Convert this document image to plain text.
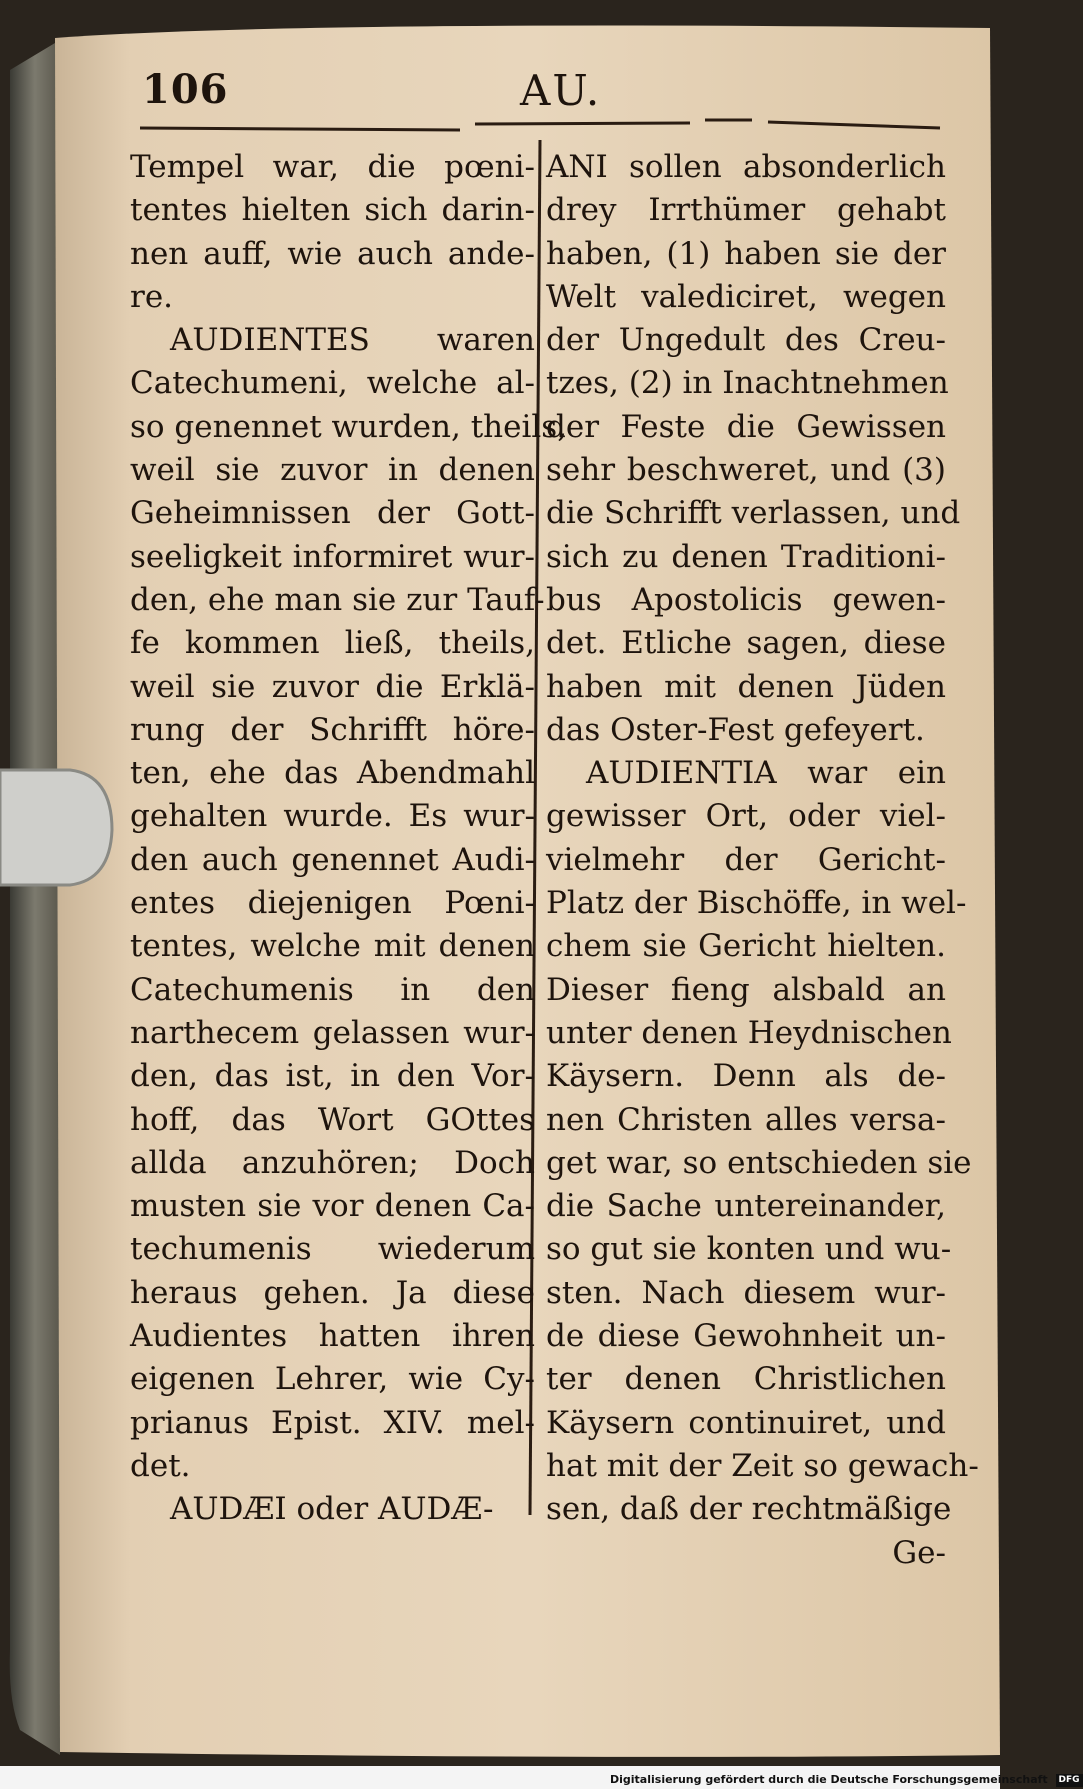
106	AU.
Tempel war, die pœni-
tentes hielten sich darin-
nen auff, wie auch ande-
re.
AUDIENTES waren
Catechumeni, welche al-
so genennet wurden, theils,
weil sie zuvor in denen
Geheimnissen der Gott-
seeligkeit informiret wur-
den, ehe man sie zur Tauf-
fe kommen ließ, theils,
weil sie zuvor die Erklä-
rung der Schrifft höre-
ten, ehe das Abendmahl
gehalten wurde. Es wur-
den auch genennet Audi-
entes diejenigen Pœni-
tentes, welche mit denen
Catechumenis in den
narthecem gelassen wur-
den, das ist, in den Vor-
hoff, das Wort GOttes
allda anzuhören; Doch
musten sie vor denen Ca-
techumenis wiederum
heraus gehen. Ja diese
Audientes hatten ihren
eigenen Lehrer, wie Cy-
prianus Epist. XIV. mel-
det.
AUDÆI oder AUDÆ-
ANI sollen absonderlich
drey Irrthümer gehabt
haben, (1) haben sie der
Welt valediciret, wegen
der Ungedult des Creu-
tzes, (2) in Inachtnehmen
der Feste die Gewissen
sehr beschweret, und (3)
die Schrifft verlassen, und
sich zu denen Traditioni-
bus Apostolicis gewen-
det. Etliche sagen, diese
haben mit denen Jüden
das Oster-Fest gefeyert.
AUDIENTIA war ein
gewisser Ort, oder viel-
vielmehr der Gericht-
Platz der Bischöffe, in wel-
chem sie Gericht hielten.
Dieser fieng alsbald an
unter denen Heydnischen
Käysern. Denn als de-
nen Christen alles versa-
get war, so entschieden sie
die Sache untereinander,
so gut sie konten und wu-
sten. Nach diesem wur-
de diese Gewohnheit un-
ter denen Christlichen
Käysern continuiret, und
hat mit der Zeit so gewach-
sen, daß der rechtmäßige
Ge-
Digitalisierung gefördert durch die Deutsche Forschungsgemeinschaft DFG
